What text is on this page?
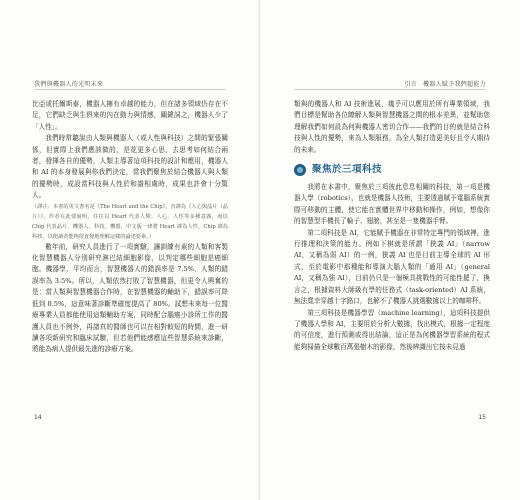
我們與機器人的光明未來

比亞或托爾斯泰，機器人擁有卓越的能力，但在諸多領域仍存在不足，它們缺乏與生俱來的內在動力與情感，關鍵詞之，機器人少了「人性」。

我們時常聽說由人類與機器人（或人性與科技）之間的緊張關係，但實際上我們應該做的，是花更多心思，去思考如何結合兩者，發揮各自的優勢，人類主導著這項科技的設計和應用，機器人和 AI 的本身發展與你我們決定，當我們聚焦於結合機器人與人類的優勢時，成設當科技與人性於和諧相處時，成果也許會十分驚人。

（譯注：本書的英文書名是《The Heart and the Chip》，直譯為《人心與晶片（晶片）》，作者在此要說明，往往以 Heart 代表人類、人心、人性等多種意義，而以 Chip 代表晶片、機器人、科技、機器，中文版一律將 Heart 譯為人性，Chip 譯為科技，以便讀者能夠很直覺地理解這樣的論述要素。）

數年前，研究人員進行了一項實驗，讓訓練有素的人類和客製化智慧機器人分別研究淋巴結細胞影像，以判定哪些細胞是癌細胞。機器學，平均而言，智慧機器人的錯誤率是 7.5%，人類的錯誤率為 3.5%。所以，人類依然打敗了智慧機器，但更令人興奮的是：當人類與智慧機器合作時，在智慧機器的輔助下，錯誤率可降低到 0.5%，這意味著診斷準確度提高了 80%。試想未來每一位醫療專業人員都能使用這類輔助方案，同時配合腦癌小診所工作的醫護人員也不例外，再諸真的醫師也可以在相對較短的時間，進一研讀各項新研究和臨床試驗，但若他們能感應這些智慧系統來診斷，將能為病人提供最先進的診療方案。

14
引言 機器人賦予我們超能力

類與的機器人和 AI 技術進展，幾乎可以應用於所有專業領域，我們目標是幫助各位瞭解人類與智慧機器之間的根本差異，並幫助您理解我們如何設為何與機器人密切合作——我們的目的就是結合科技與人性的優勢，來為人類服務，為全人類打造更美好且令人期待的未來。

聚焦於三項科技

我將在本書中，聚焦於三項彼此息息相關的科技，第一項是機器人學（robotics），也就是機器人技術，主要透過賦予電腦系統實際可移動的主體，使它能在實體世界中移動和操作，例如，想像你的智慧型手機長了輪子、翅膀，甚至是一隻機器手臂。

第二項科技是 AI，它能賦予機器在非常特定專門的領域裡，進行推理和決策的能力。例如下棋就是所謂「狹義 AI」（narrow AI，又稱為弱 AI）的一例，狹義 AI 也是目前主導全球的 AI 形式，至於電影中那種能和導演大腦人類的「通用 AI」（general AI，又稱為強 AI），目前仍只是一個極具挑戰性的可能性罷了，換言之，根據資料大師級有學的任務式（task-oriented）AI 系統，無法寬幸穿越十字路口，也解不了機器人挑選數據以上的咖啡杯。

第三項科技是機器學習（machine learning），這項科技提供了機器人學和 AI，主要用於分析大數據，找出模式，根據一定程度的可信度，進行預測或得出結論，這正是為何機器學習系統的程式能夠掃描全球數百萬張樹木的影像，然後辨識出它按未見過

15
